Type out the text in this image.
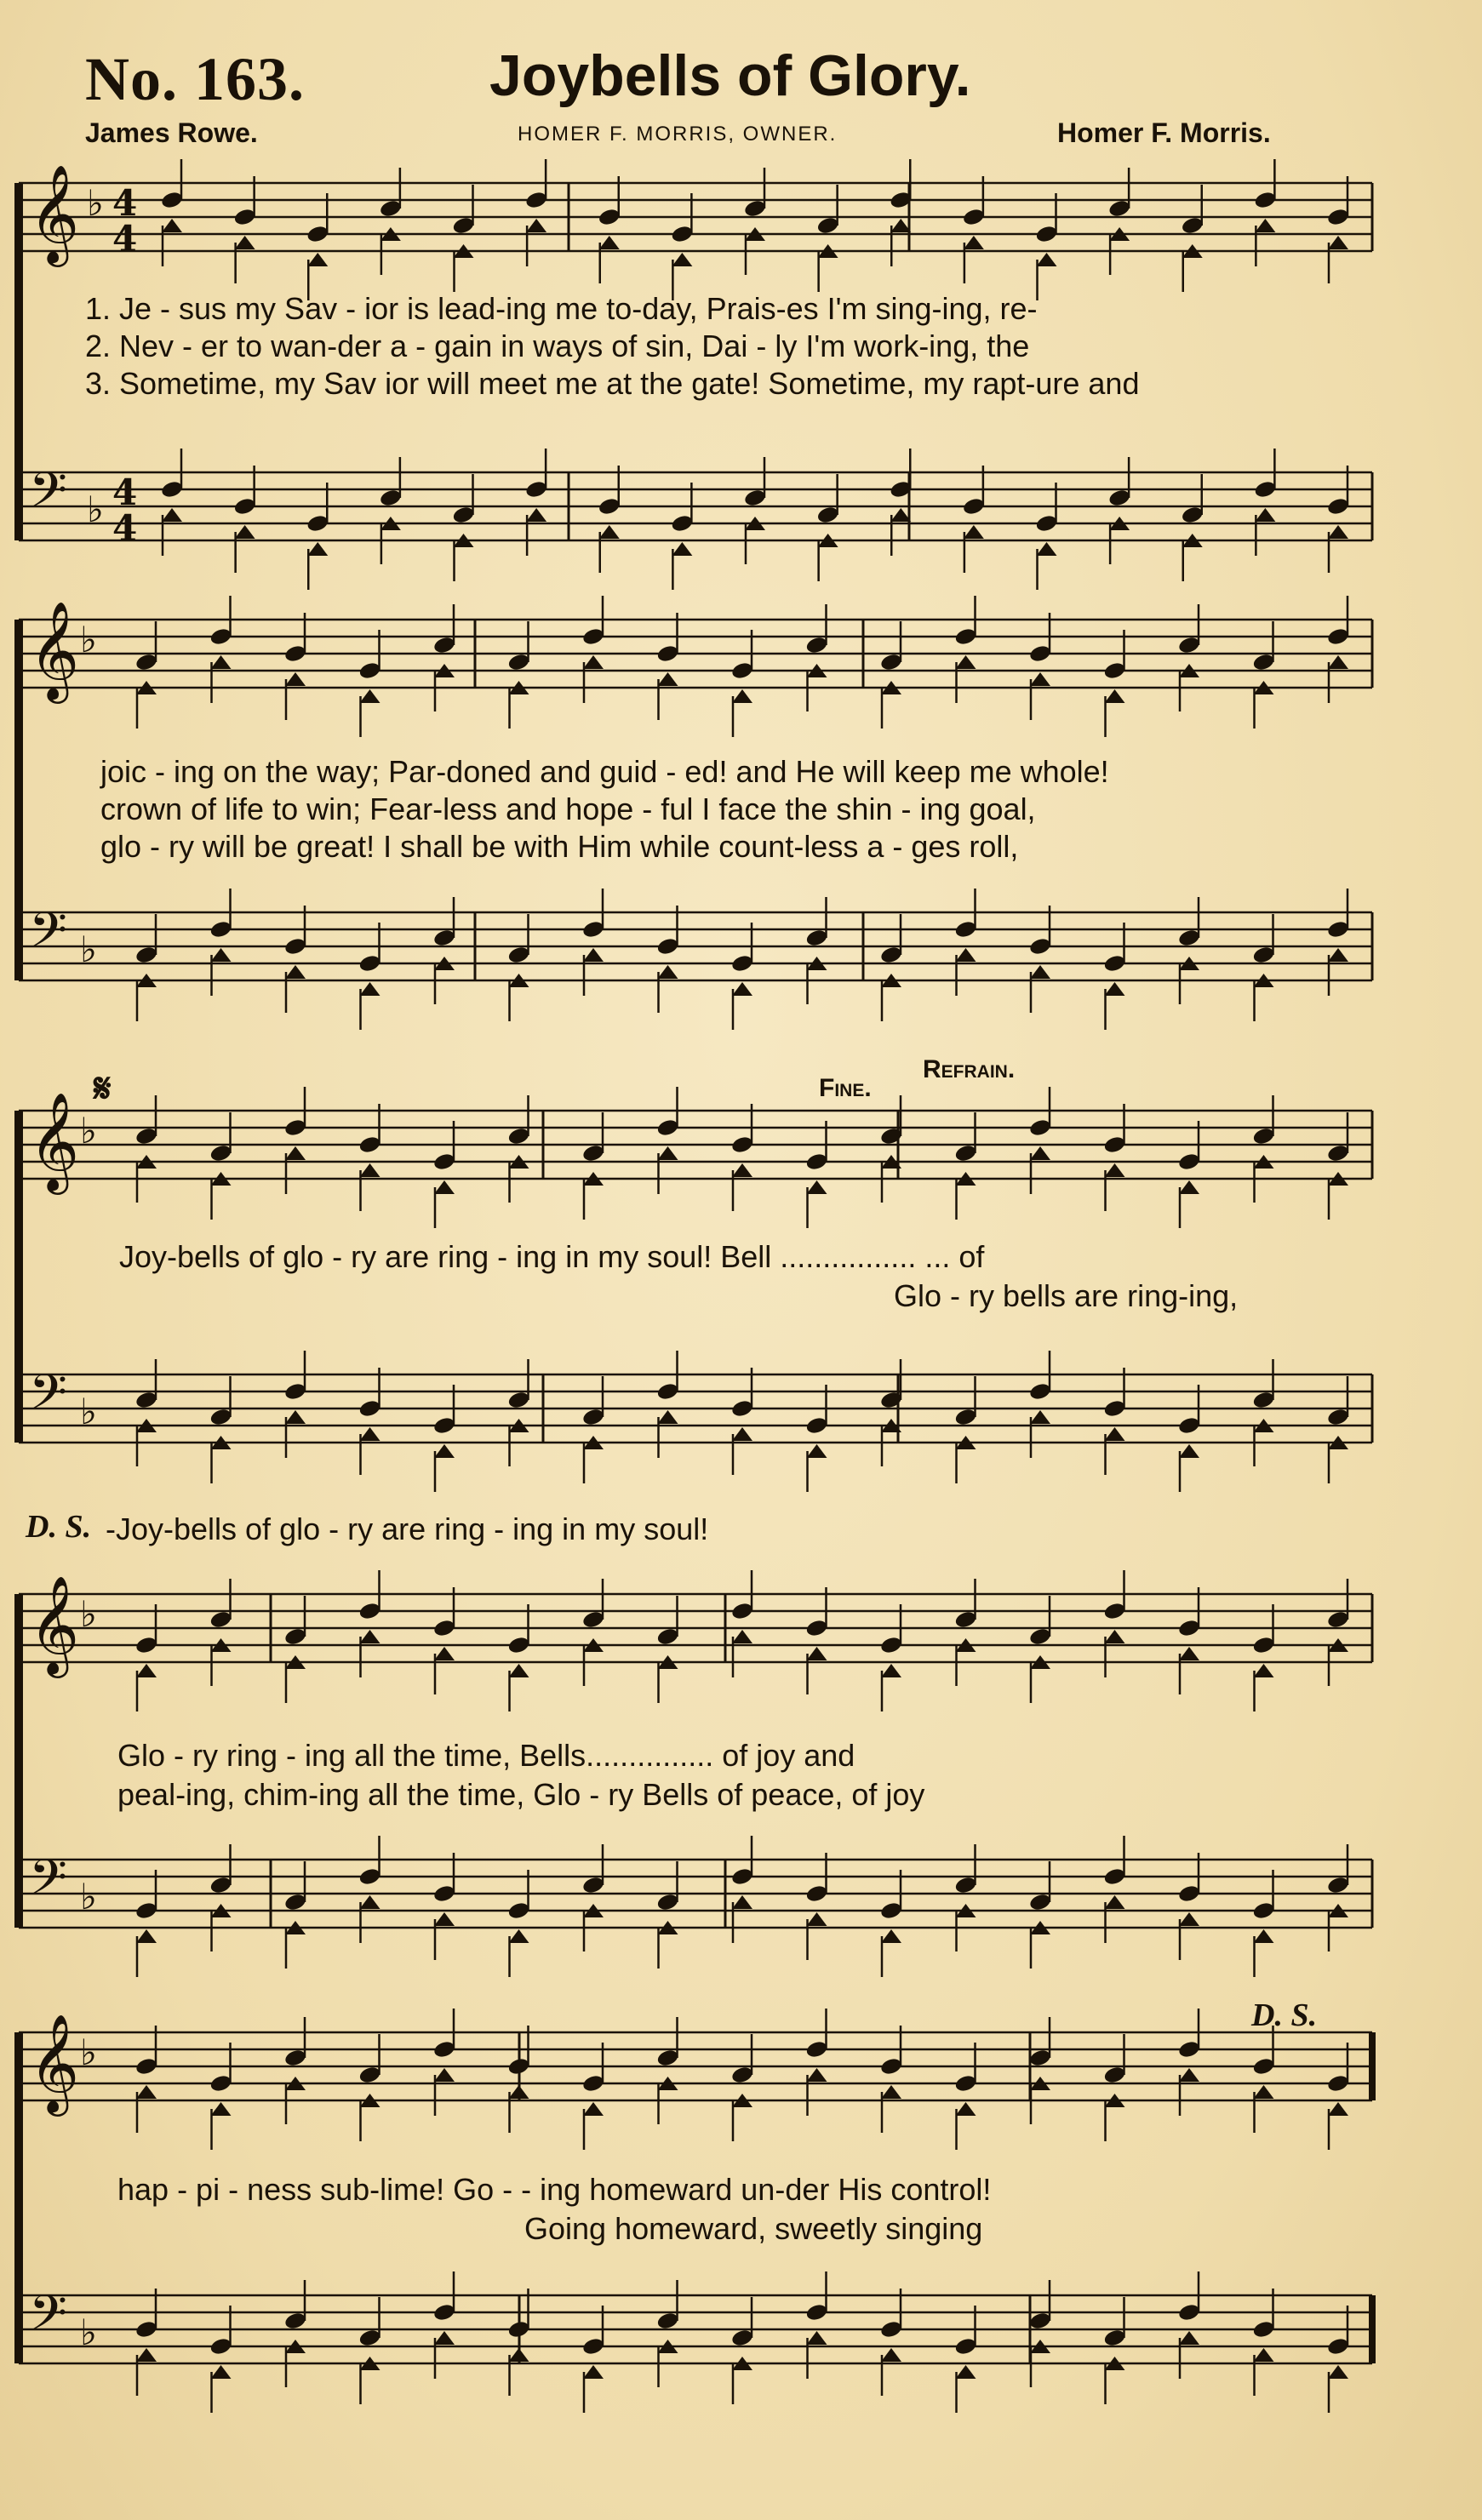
No. 163.	Joybells of Glory.
James Rowe.	HOMER F. MORRIS, OWNER.	Homer F. Morris.
𝄞 ♭
𝄢 ♭
4
4
4
4
𝄞 ♭
𝄢 ♭
𝄞 ♭
𝄢 ♭
𝄞 ♭
𝄢 ♭
𝄞 ♭
𝄢 ♭
1. Je - sus my Sav - ior is lead-ing me to-day, Prais-es I'm sing-ing, re-
2. Nev - er to wan-der a - gain in ways of sin, Dai - ly I'm work-ing, the
3. Sometime, my Sav ior will meet me at the gate! Sometime, my rapt-ure and
joic - ing on the way; Par-doned and guid - ed! and He will keep me whole!
crown of life to win; Fear-less and hope - ful I face the shin - ing goal,
glo - ry will be great! I shall be with Him while count-less a - ges roll,
𝄋	Fine.
Refrain.
Joy-bells of glo - ry are ring - ing in my soul! Bell ................ ... of
Glo - ry bells are ring-ing,
D. S. -Joy-bells of glo - ry are ring - ing in my soul!
Glo - ry ring - ing all the time, Bells............... of joy and
peal-ing, chim-ing all the time, Glo - ry Bells of peace, of joy
D. S.
hap - pi - ness sub-lime! Go - - ing homeward un-der His control!
Going homeward, sweetly singing
